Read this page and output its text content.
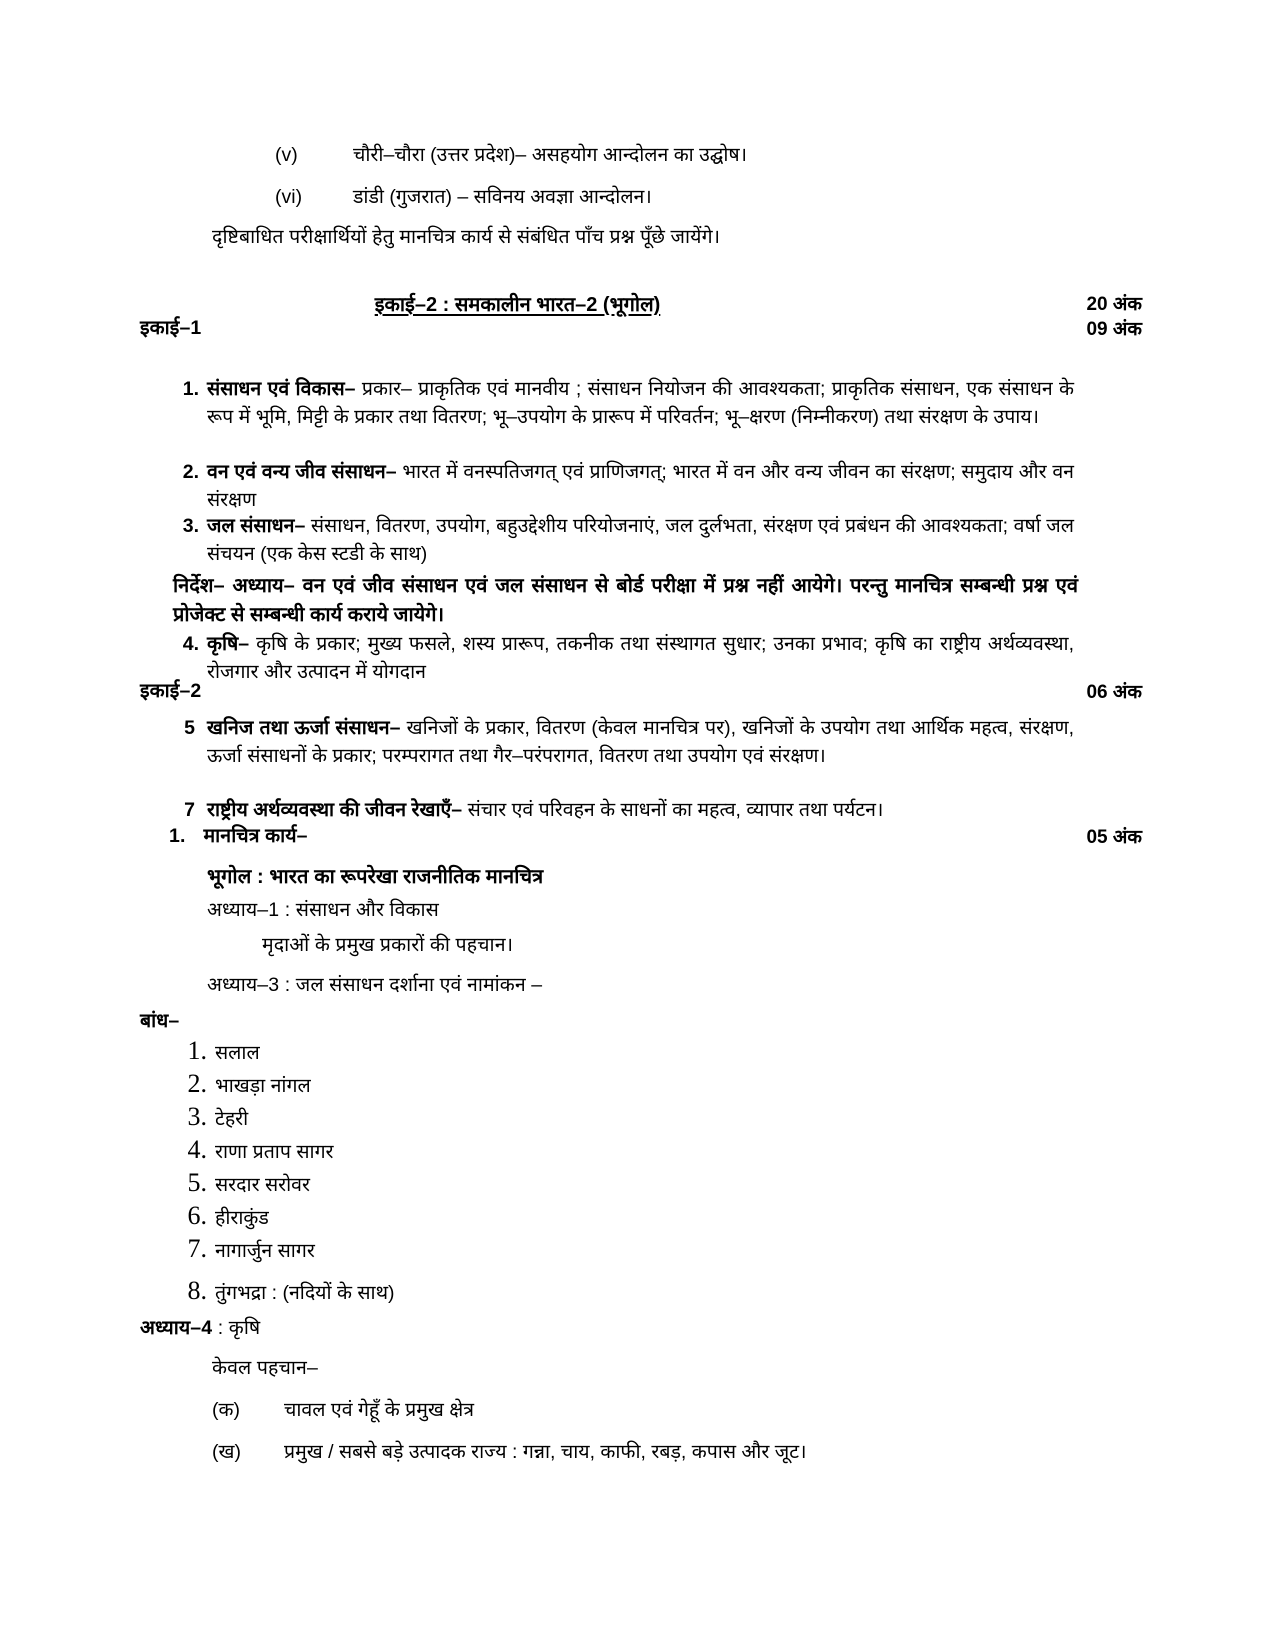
(v)	चौरी–चौरा (उत्तर प्रदेश)– असहयोग आन्दोलन का उद्घोष।
(vi)	डांडी (गुजरात) – सविनय अवज्ञा आन्दोलन।
दृष्टिबाधित परीक्षार्थियों हेतु मानचित्र कार्य से संबंधित पाँच प्रश्न पूँछे जायेंगे।
इकाई–2 : समकालीन भारत–2 (भूगोल)	20 अंक
इकाई–1	09 अंक
1. संसाधन एवं विकास– प्रकार– प्राकृतिक एवं मानवीय ; संसाधन नियोजन की आवश्यकता; प्राकृतिक संसाधन, एक संसाधन के रूप में भूमि, मिट्टी के प्रकार तथा वितरण; भू–उपयोग के प्रारूप में परिवर्तन; भू–क्षरण (निम्नीकरण) तथा संरक्षण के उपाय।
2. वन एवं वन्य जीव संसाधन– भारत में वनस्पतिजगत् एवं प्राणिजगत्; भारत में वन और वन्य जीवन का संरक्षण; समुदाय और वन संरक्षण
3. जल संसाधन– संसाधन, वितरण, उपयोग, बहुउद्देशीय परियोजनाएं, जल दुर्लभता, संरक्षण एवं प्रबंधन की आवश्यकता; वर्षा जल संचयन (एक केस स्टडी के साथ)
निर्देश– अध्याय– वन एवं जीव संसाधन एवं जल संसाधन से बोर्ड परीक्षा में प्रश्न नहीं आयेगे। परन्तु मानचित्र सम्बन्धी प्रश्न एवं प्रोजेक्ट से सम्बन्धी कार्य कराये जायेगे।
4. कृषि– कृषि के प्रकार; मुख्य फसले, शस्य प्रारूप, तकनीक तथा संस्थागत सुधार; उनका प्रभाव; कृषि का राष्ट्रीय अर्थव्यवस्था, रोजगार और उत्पादन में योगदान
इकाई–2	06 अंक
5 खनिज तथा ऊर्जा संसाधन– खनिजों के प्रकार, वितरण (केवल मानचित्र पर), खनिजों के उपयोग तथा आर्थिक महत्व, संरक्षण, ऊर्जा संसाधनों के प्रकार; परम्परागत तथा गैर–परंपरागत, वितरण तथा उपयोग एवं संरक्षण।
7 राष्ट्रीय अर्थव्यवस्था की जीवन रेखाएँ– संचार एवं परिवहन के साधनों का महत्व, व्यापार तथा पर्यटन।
1. मानचित्र कार्य–	05 अंक
भूगोल : भारत का रूपरेखा राजनीतिक मानचित्र
अध्याय–1 : संसाधन और विकास
मृदाओं के प्रमुख प्रकारों की पहचान।
अध्याय–3 : जल संसाधन दर्शाना एवं नामांकन –
बांध–
1. सलाल
2. भाखड़ा नांगल
3. टेहरी
4. राणा प्रताप सागर
5. सरदार सरोवर
6. हीराकुंड
7. नागार्जुन सागर
8. तुंगभद्रा : (नदियों के साथ)
अध्याय–4 : कृषि
केवल पहचान–
(क) चावल एवं गेहूँ के प्रमुख क्षेत्र
(ख) प्रमुख / सबसे बड़े उत्पादक राज्य : गन्ना, चाय, काफी, रबड़, कपास और जूट।
